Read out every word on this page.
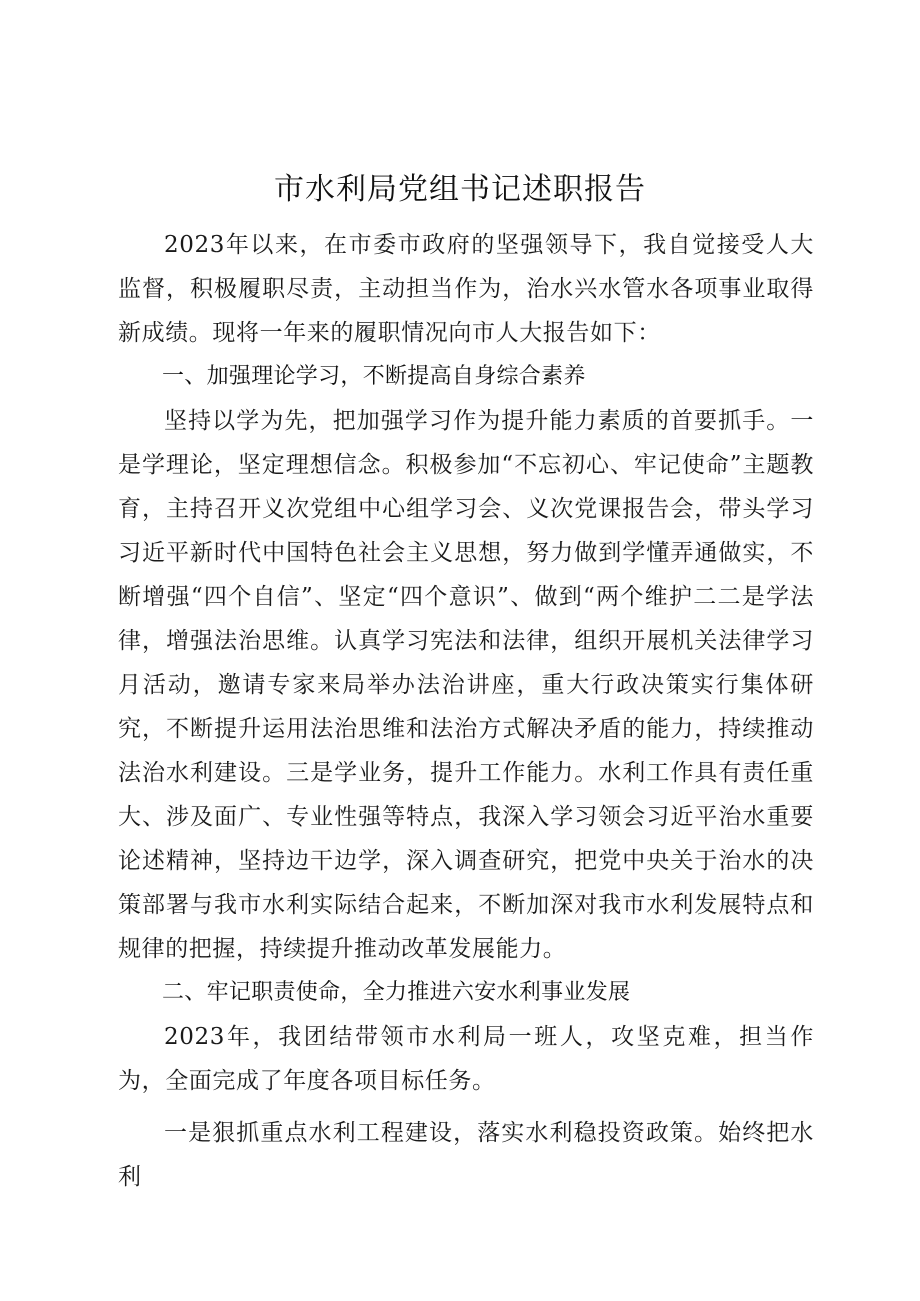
市水利局党组书记述职报告

2023年以来，在市委市政府的坚强领导下，我自觉接受人大监督，积极履职尽责，主动担当作为，治水兴水管水各项事业取得新成绩。现将一年来的履职情况向市人大报告如下：

一、加强理论学习，不断提高自身综合素养

坚持以学为先，把加强学习作为提升能力素质的首要抓手。一是学理论，坚定理想信念。积极参加“不忘初心、牢记使命”主题教育，主持召开义次党组中心组学习会、义次党课报告会，带头学习习近平新时代中国特色社会主义思想，努力做到学懂弄通做实，不断增强“四个自信”、坚定“四个意识”、做到“两个维护二二是学法律，增强法治思维。认真学习宪法和法律，组织开展机关法律学习月活动，邀请专家来局举办法治讲座，重大行政决策实行集体研究，不断提升运用法治思维和法治方式解决矛盾的能力，持续推动法治水利建设。三是学业务，提升工作能力。水利工作具有责任重大、涉及面广、专业性强等特点，我深入学习领会习近平治水重要论述精神，坚持边干边学，深入调查研究，把党中央关于治水的决策部署与我市水利实际结合起来，不断加深对我市水利发展特点和规律的把握，持续提升推动改革发展能力。

二、牢记职责使命，全力推进六安水利事业发展

2023年，我团结带领市水利局一班人，攻坚克难，担当作为，全面完成了年度各项目标任务。

一是狠抓重点水利工程建设，落实水利稳投资政策。始终把水利
